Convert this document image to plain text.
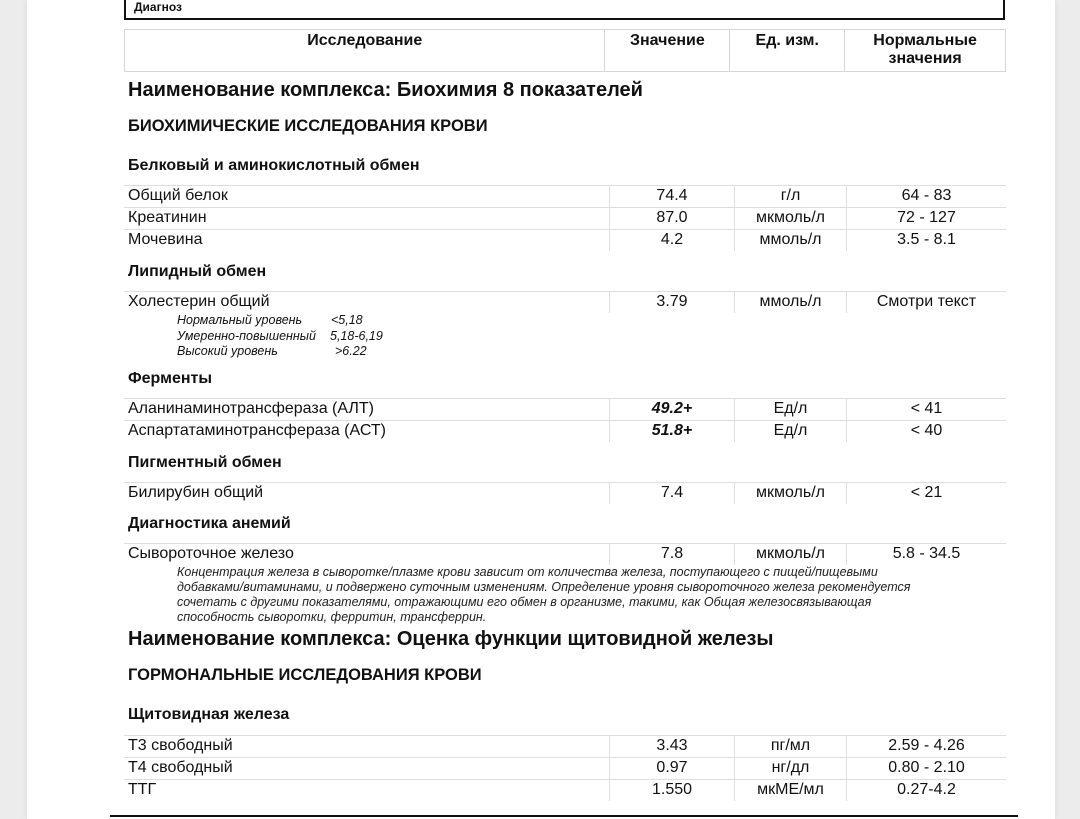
Диагноз
Исследование	Значение	Ед. изм.	Нормальные
значения
Наименование комплекса: Биохимия 8 показателей
БИОХИМИЧЕСКИЕ ИССЛЕДОВАНИЯ КРОВИ
Белковый и аминокислотный обмен
Общий белок	74.4	г/л	64 - 83
Креатинин	87.0	мкмоль/л	72 - 127
Мочевина	4.2	ммоль/л	3.5 - 8.1
Липидный обмен
Холестерин общий	3.79	ммоль/л	Смотри текст
Нормальный уровень <5,18
Умеренно-повышенный 5,18-6,19
Высокий уровень	>6.22
Ферменты
Аланинаминотрансфераза (АЛТ)	49.2+	Ед/л	< 41
Аспартатаминотрансфераза (АСТ)	51.8+	Ед/л	< 40
Пигментный обмен
Билирубин общий	7.4	мкмоль/л	< 21
Диагностика анемий
Сывороточное железо	7.8	мкмоль/л	5.8 - 34.5
Концентрация железа в сыворотке/плазме крови зависит от количества железа, поступающего с пищей/пищевыми
добавками/витаминами, и подвержено суточным изменениям. Определение уровня сывороточного железа рекомендуется
сочетать с другими показателями, отражающими его обмен в организме, такими, как Общая железосвязывающая
способность сыворотки, ферритин, трансферрин.
Наименование комплекса: Оценка функции щитовидной железы
ГОРМОНАЛЬНЫЕ ИССЛЕДОВАНИЯ КРОВИ
Щитовидная железа
Т3 свободный	3.43	пг/мл	2.59 - 4.26
Т4 свободный	0.97	нг/дл	0.80 - 2.10
ТТГ	1.550	мкМЕ/мл	0.27-4.2
